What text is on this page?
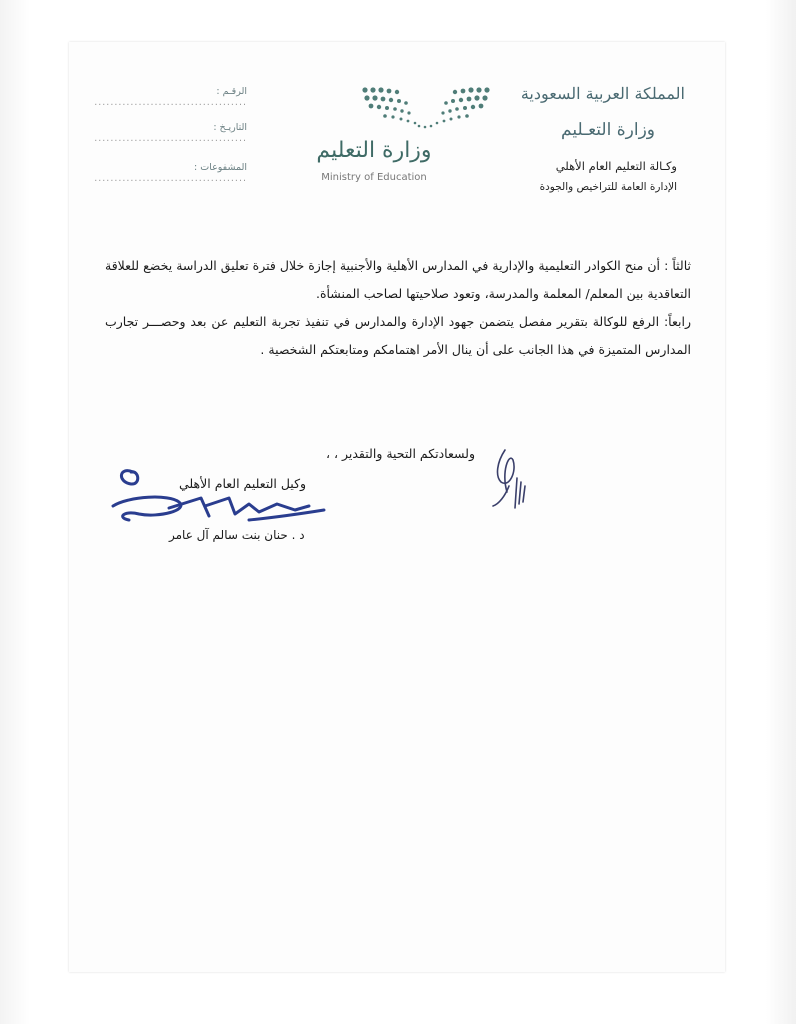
المملكة العربية السعودية
وزارة التعـليم
وكـالة التعليم العام الأهلي
الإدارة العامة للتراخيص والجودة
وزارة التعليم
Ministry of Education
الرقـم : ......................................
التاريـخ : ......................................
المشفوعات : ......................................

ثالثاً : أن منح الكوادر التعليمية والإدارية في المدارس الأهلية والأجنبية إجازة خلال فترة تعليق الدراسة يخضع للعلاقة التعاقدية بين المعلم/ المعلمة والمدرسة، وتعود صلاحيتها لصاحب المنشأة.

رابعاً: الرفع للوكالة بتقرير مفصل يتضمن جهود الإدارة والمدارس في تنفيذ تجربة التعليم عن بعد وحصـــر تجارب المدارس المتميزة في هذا الجانب على أن ينال الأمر اهتمامكم ومتابعتكم الشخصية .

ولسعادتكم التحية والتقدير ، ،
وكيل التعليم العام الأهلي
د . حنان بنت سالم آل عامر
